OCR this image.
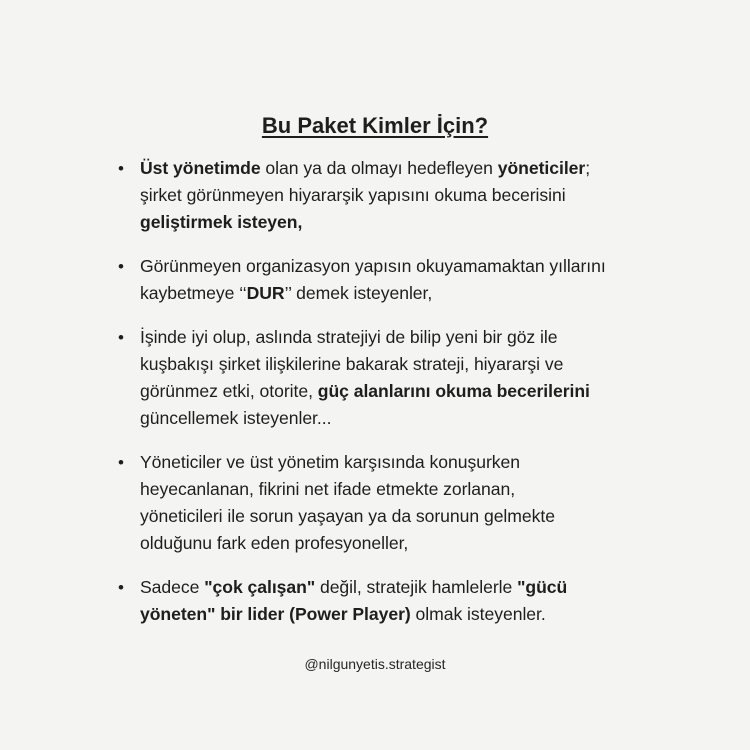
Bu Paket Kimler İçin?
• Üst yönetimde olan ya da olmayı hedefleyen yöneticiler;
şirket görünmeyen hiyararşik yapısını okuma becerisini
geliştirmek isteyen,
• Görünmeyen organizasyon yapısın okuyamamaktan yıllarını
kaybetmeye ‘‘DUR’’ demek isteyenler,
• İşinde iyi olup, aslında stratejiyi de bilip yeni bir göz ile
kuşbakışı şirket ilişkilerine bakarak strateji, hiyararşi ve
görünmez etki, otorite, güç alanlarını okuma becerilerini
güncellemek isteyenler...
• Yöneticiler ve üst yönetim karşısında konuşurken
heyecanlanan, fikrini net ifade etmekte zorlanan,
yöneticileri ile sorun yaşayan ya da sorunun gelmekte
olduğunu fark eden profesyoneller,
• Sadece "çok çalışan" değil, stratejik hamlelerle "gücü
yöneten" bir lider (Power Player) olmak isteyenler.
@nilgunyetis.strategist
